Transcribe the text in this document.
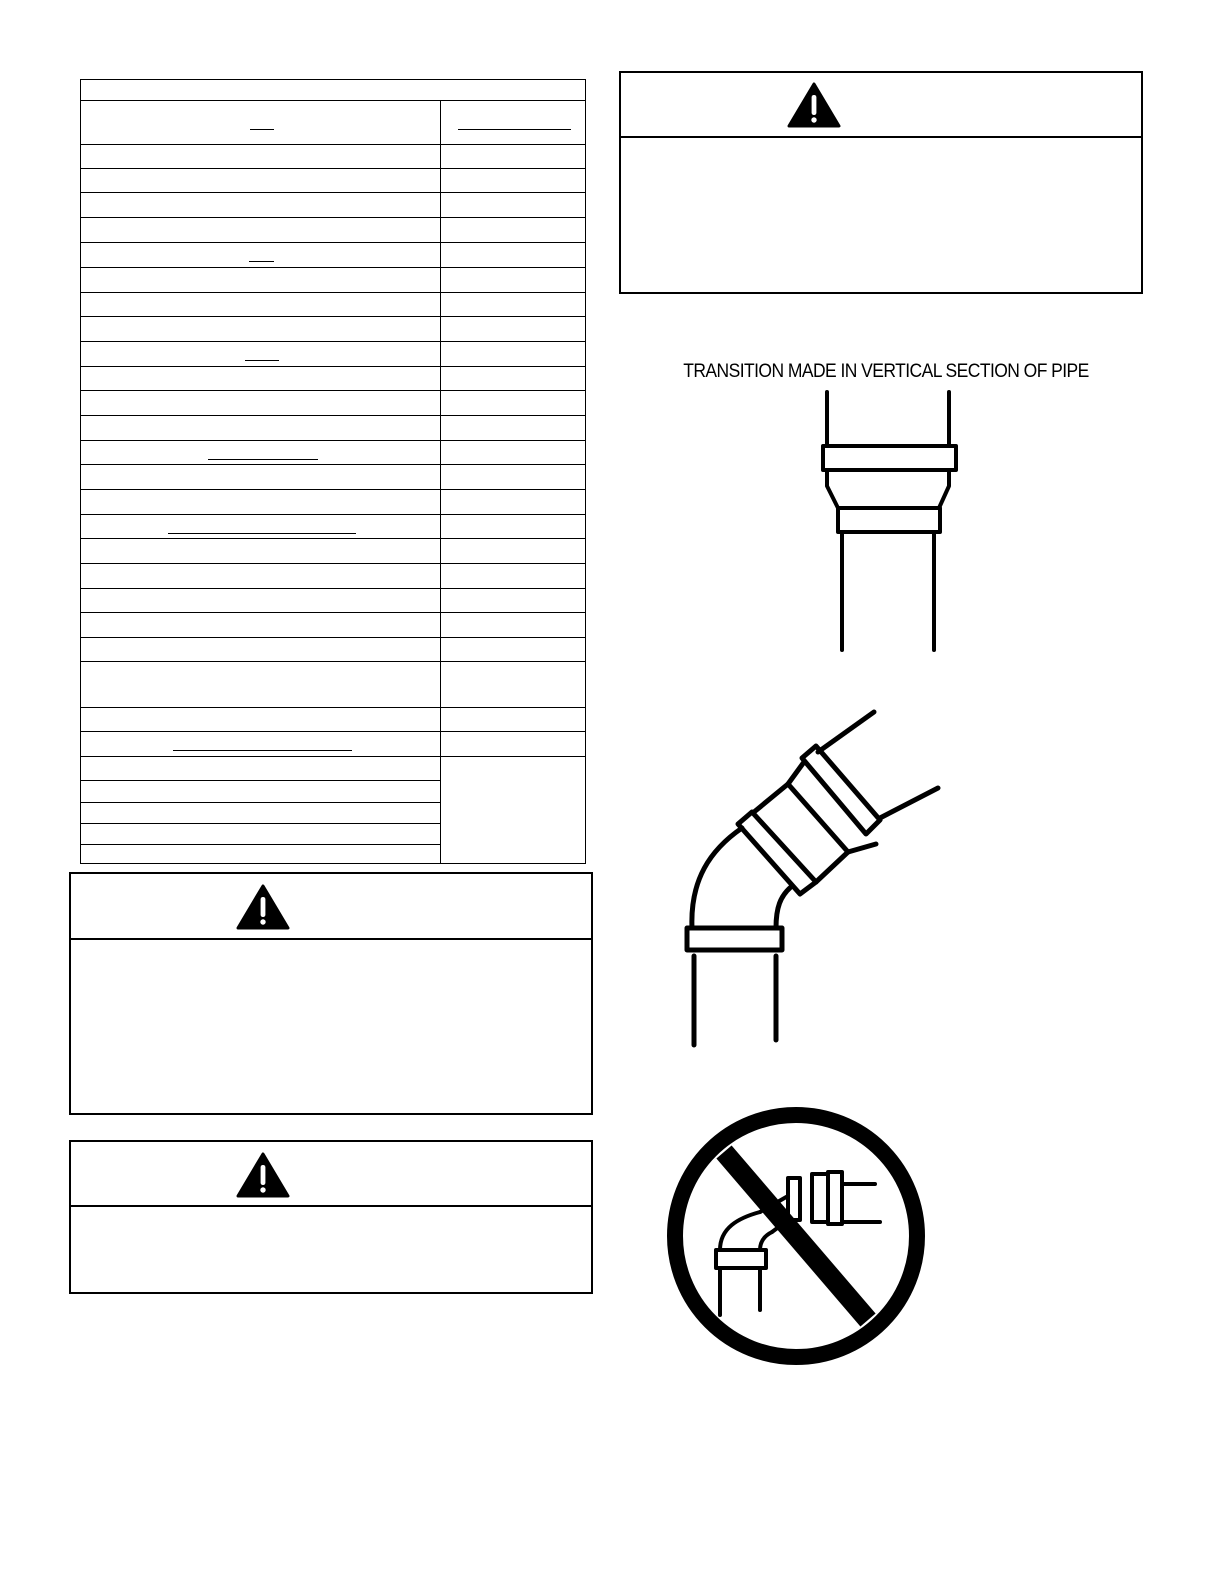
TRANSITION MADE IN VERTICAL SECTION OF PIPE
